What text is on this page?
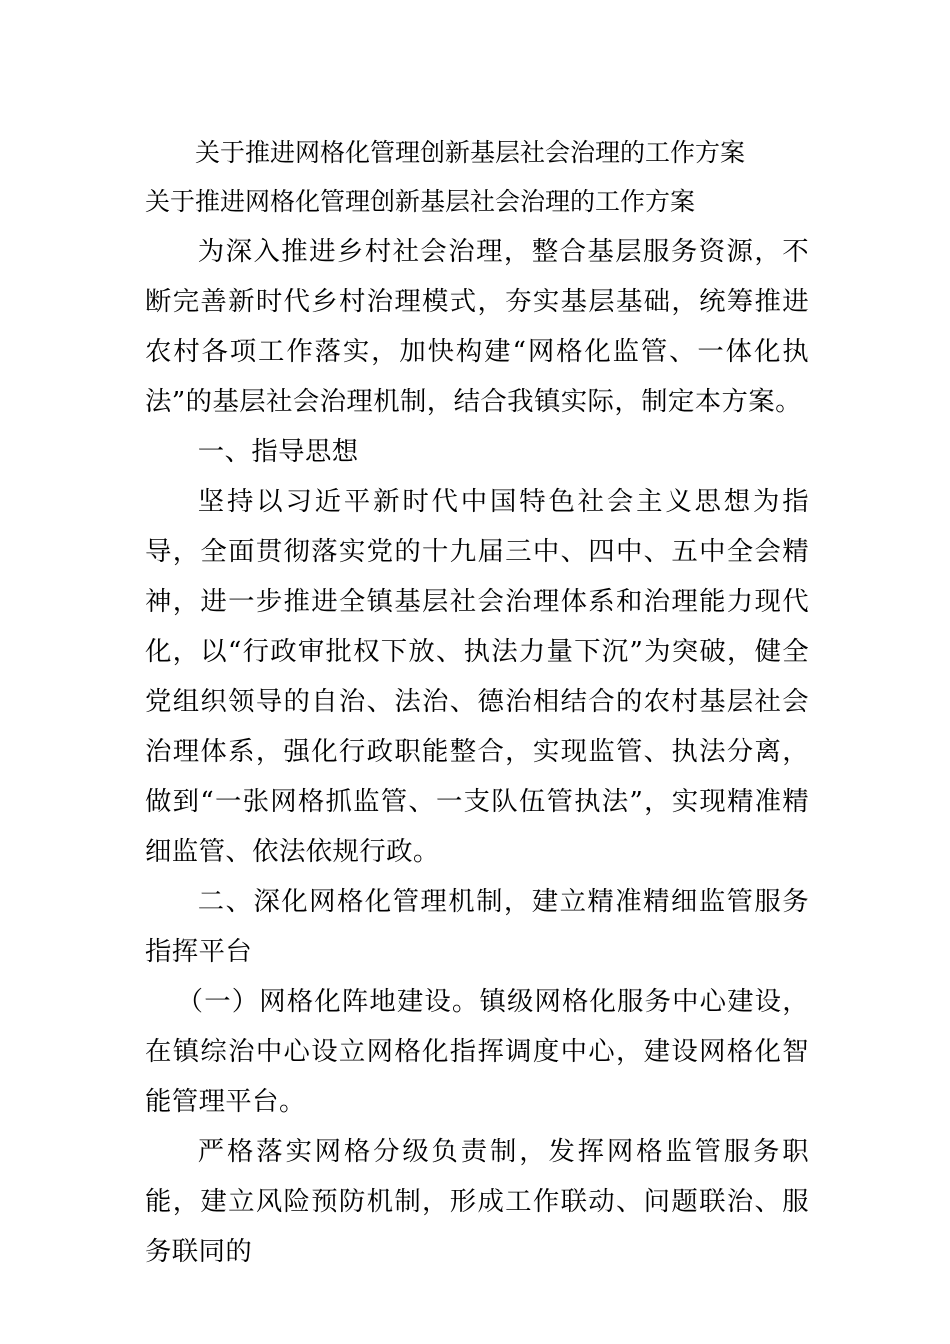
关于推进网格化管理创新基层社会治理的工作方案
关于推进网格化管理创新基层社会治理的工作方案

为深入推进乡村社会治理，整合基层服务资源，不断完善新时代乡村治理模式，夯实基层基础，统筹推进农村各项工作落实，加快构建“网格化监管、一体化执法”的基层社会治理机制，结合我镇实际，制定本方案。

一、指导思想

坚持以习近平新时代中国特色社会主义思想为指导，全面贯彻落实党的十九届三中、四中、五中全会精神，进一步推进全镇基层社会治理体系和治理能力现代化，以“行政审批权下放、执法力量下沉”为突破，健全党组织领导的自治、法治、德治相结合的农村基层社会治理体系，强化行政职能整合，实现监管、执法分离，做到“一张网格抓监管、一支队伍管执法”，实现精准精细监管、依法依规行政。

二、深化网格化管理机制，建立精准精细监管服务指挥平台

（一）网格化阵地建设。镇级网格化服务中心建设，在镇综治中心设立网格化指挥调度中心，建设网格化智能管理平台。

严格落实网格分级负责制，发挥网格监管服务职能，建立风险预防机制，形成工作联动、问题联治、服务联同的
